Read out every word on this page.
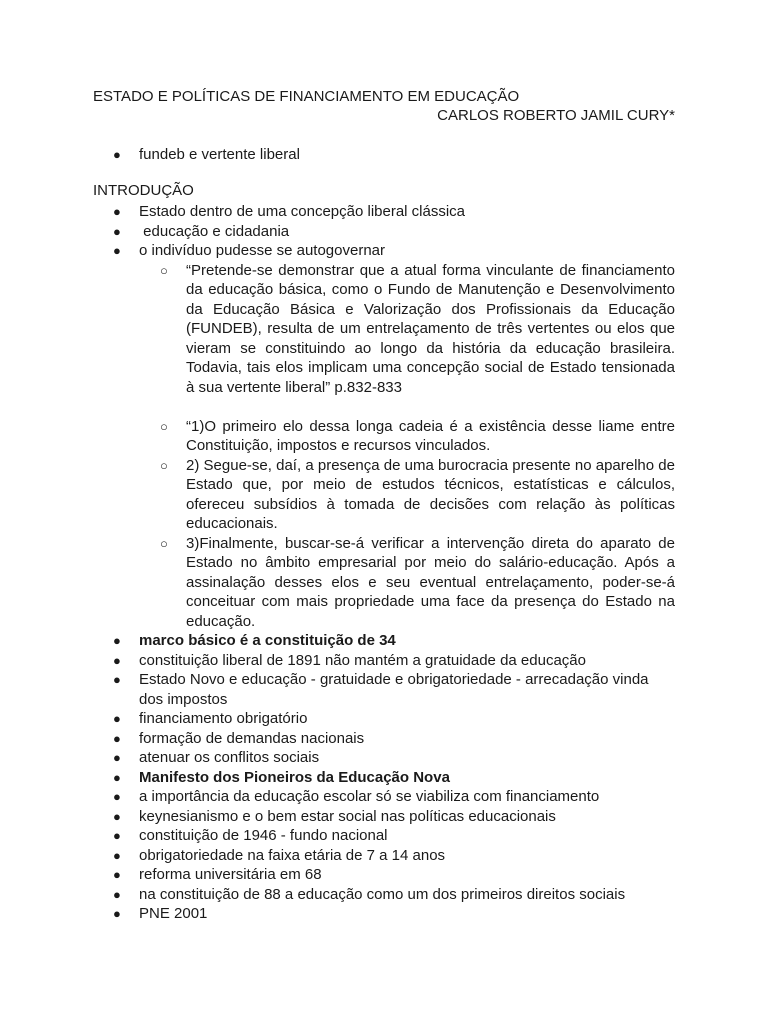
ESTADO E POLÍTICAS DE FINANCIAMENTO EM EDUCAÇÃO
CARLOS ROBERTO JAMIL CURY*
● fundeb e vertente liberal
INTRODUÇÃO
● Estado dentro de uma concepção liberal clássica
● educação e cidadania
● o indivíduo pudesse se autogovernar
○ “Pretende-se demonstrar que a atual forma vinculante de financiamento da educação básica, como o Fundo de Manutenção e Desenvolvimento da Educação Básica e Valorização dos Profissionais da Educação (FUNDEB), resulta de um entrelaçamento de três vertentes ou elos que vieram se constituindo ao longo da história da educação brasileira. Todavia, tais elos implicam uma concepção social de Estado tensionada à sua vertente liberal” p.832-833
○ “1)O primeiro elo dessa longa cadeia é a existência desse liame entre Constituição, impostos e recursos vinculados.
○ 2) Segue-se, daí, a presença de uma burocracia presente no aparelho de Estado que, por meio de estudos técnicos, estatísticas e cálculos, ofereceu subsídios à tomada de decisões com relação às políticas educacionais.
○ 3)Finalmente, buscar-se-á verificar a intervenção direta do aparato de Estado no âmbito empresarial por meio do salário-educação. Após a assinalação desses elos e seu eventual entrelaçamento, poder-se-á conceituar com mais propriedade uma face da presença do Estado na educação.
● marco básico é a constituição de 34
● constituição liberal de 1891 não mantém a gratuidade da educação
● Estado Novo e educação - gratuidade e obrigatoriedade - arrecadação vinda dos impostos
● financiamento obrigatório
● formação de demandas nacionais
● atenuar os conflitos sociais
● Manifesto dos Pioneiros da Educação Nova
● a importância da educação escolar só se viabiliza com financiamento
● keynesianismo e o bem estar social nas políticas educacionais
● constituição de 1946 - fundo nacional
● obrigatoriedade na faixa etária de 7 a 14 anos
● reforma universitária em 68
● na constituição de 88 a educação como um dos primeiros direitos sociais
● PNE 2001
